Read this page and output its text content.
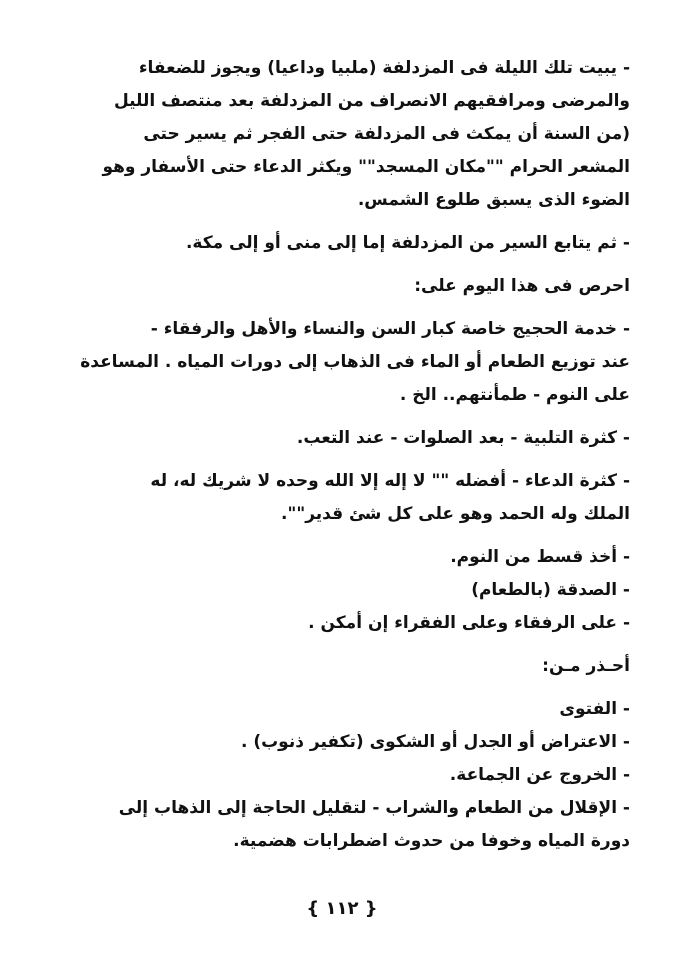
- يبيت تلك الليلة فى المزدلفة (ملبيا وداعيا) ويجوز للضعفاء
والمرضى ومرافقيهم الانصراف من المزدلفة بعد منتصف الليل
(من السنة أن يمكث فى المزدلفة حتى الفجر ثم يسير حتى
المشعر الحرام ""مكان المسجد"" ويكثر الدعاء حتى الأسفار وهو
الضوء الذى يسبق طلوع الشمس.
- ثم يتابع السير من المزدلفة إما إلى منى أو إلى مكة.
احرص فى هذا اليوم على:
- خدمة الحجيج خاصة كبار السن والنساء والأهل والرفقاء -
عند توزيع الطعام أو الماء فى الذهاب إلى دورات المياه . المساعدة
على النوم - طمأنتهم.. الخ .
- كثرة التلبية - بعد الصلوات - عند التعب.
- كثرة الدعاء - أفضله "" لا إله إلا الله وحده لا شريك له، له
الملك وله الحمد وهو على كل شئ قدير"".
- أخذ قسط من النوم.
- الصدقة (بالطعام)
- على الرفقاء وعلى الفقراء إن أمكن .
أحـذر مـن:
- الفتوى
- الاعتراض أو الجدل أو الشكوى (تكفير ذنوب) .
- الخروج عن الجماعة.
- الإقلال من الطعام والشراب - لتقليل الحاجة إلى الذهاب إلى
دورة المياه وخوفا من حدوث اضطرابات هضمية.
{ ١١٢ }
